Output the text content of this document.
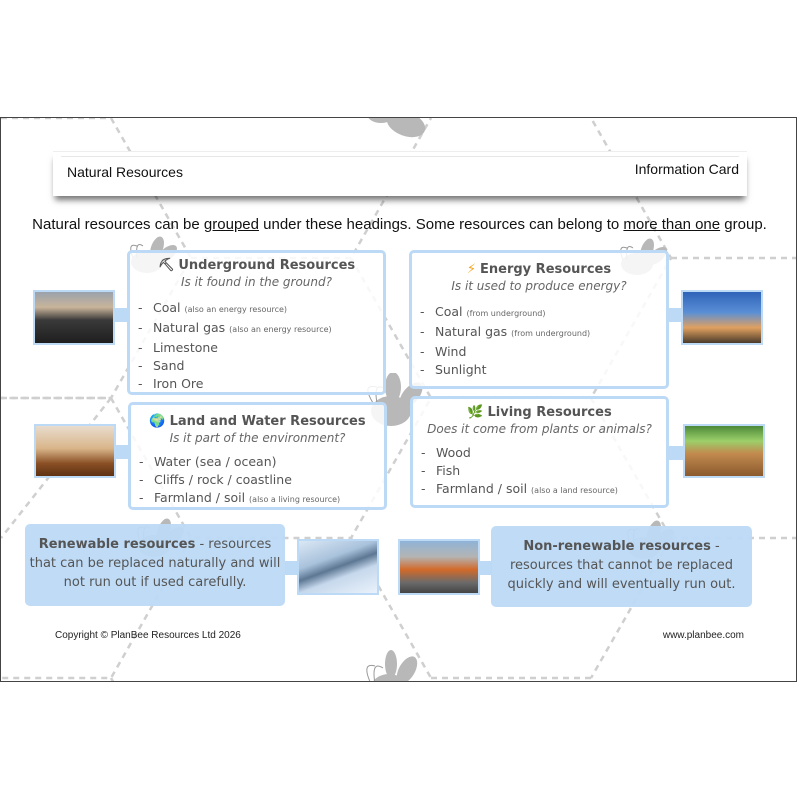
Natural Resources	Information Card
Natural resources can be grouped under these headings. Some resources can belong to more than one group.
⛏ Underground Resources
Is it found in the ground?
- Coal (also an energy resource)
- Natural gas (also an energy resource)
- Limestone
- Sand
- Iron Ore
⚡ Energy Resources
Is it used to produce energy?
- Coal (from underground)
- Natural gas (from underground)
- Wind
- Sunlight
🌍 Land and Water Resources
Is it part of the environment?
- Water (sea / ocean)
- Cliffs / rock / coastline
- Farmland / soil (also a living resource)
🌿 Living Resources
Does it come from plants or animals?
- Wood
- Fish
- Farmland / soil (also a land resource)
Renewable resources - resources that can be replaced naturally and will not run out if used carefully.
Non-renewable resources - resources that cannot be replaced quickly and will eventually run out.
Copyright © PlanBee Resources Ltd 2026	www.planbee.com
